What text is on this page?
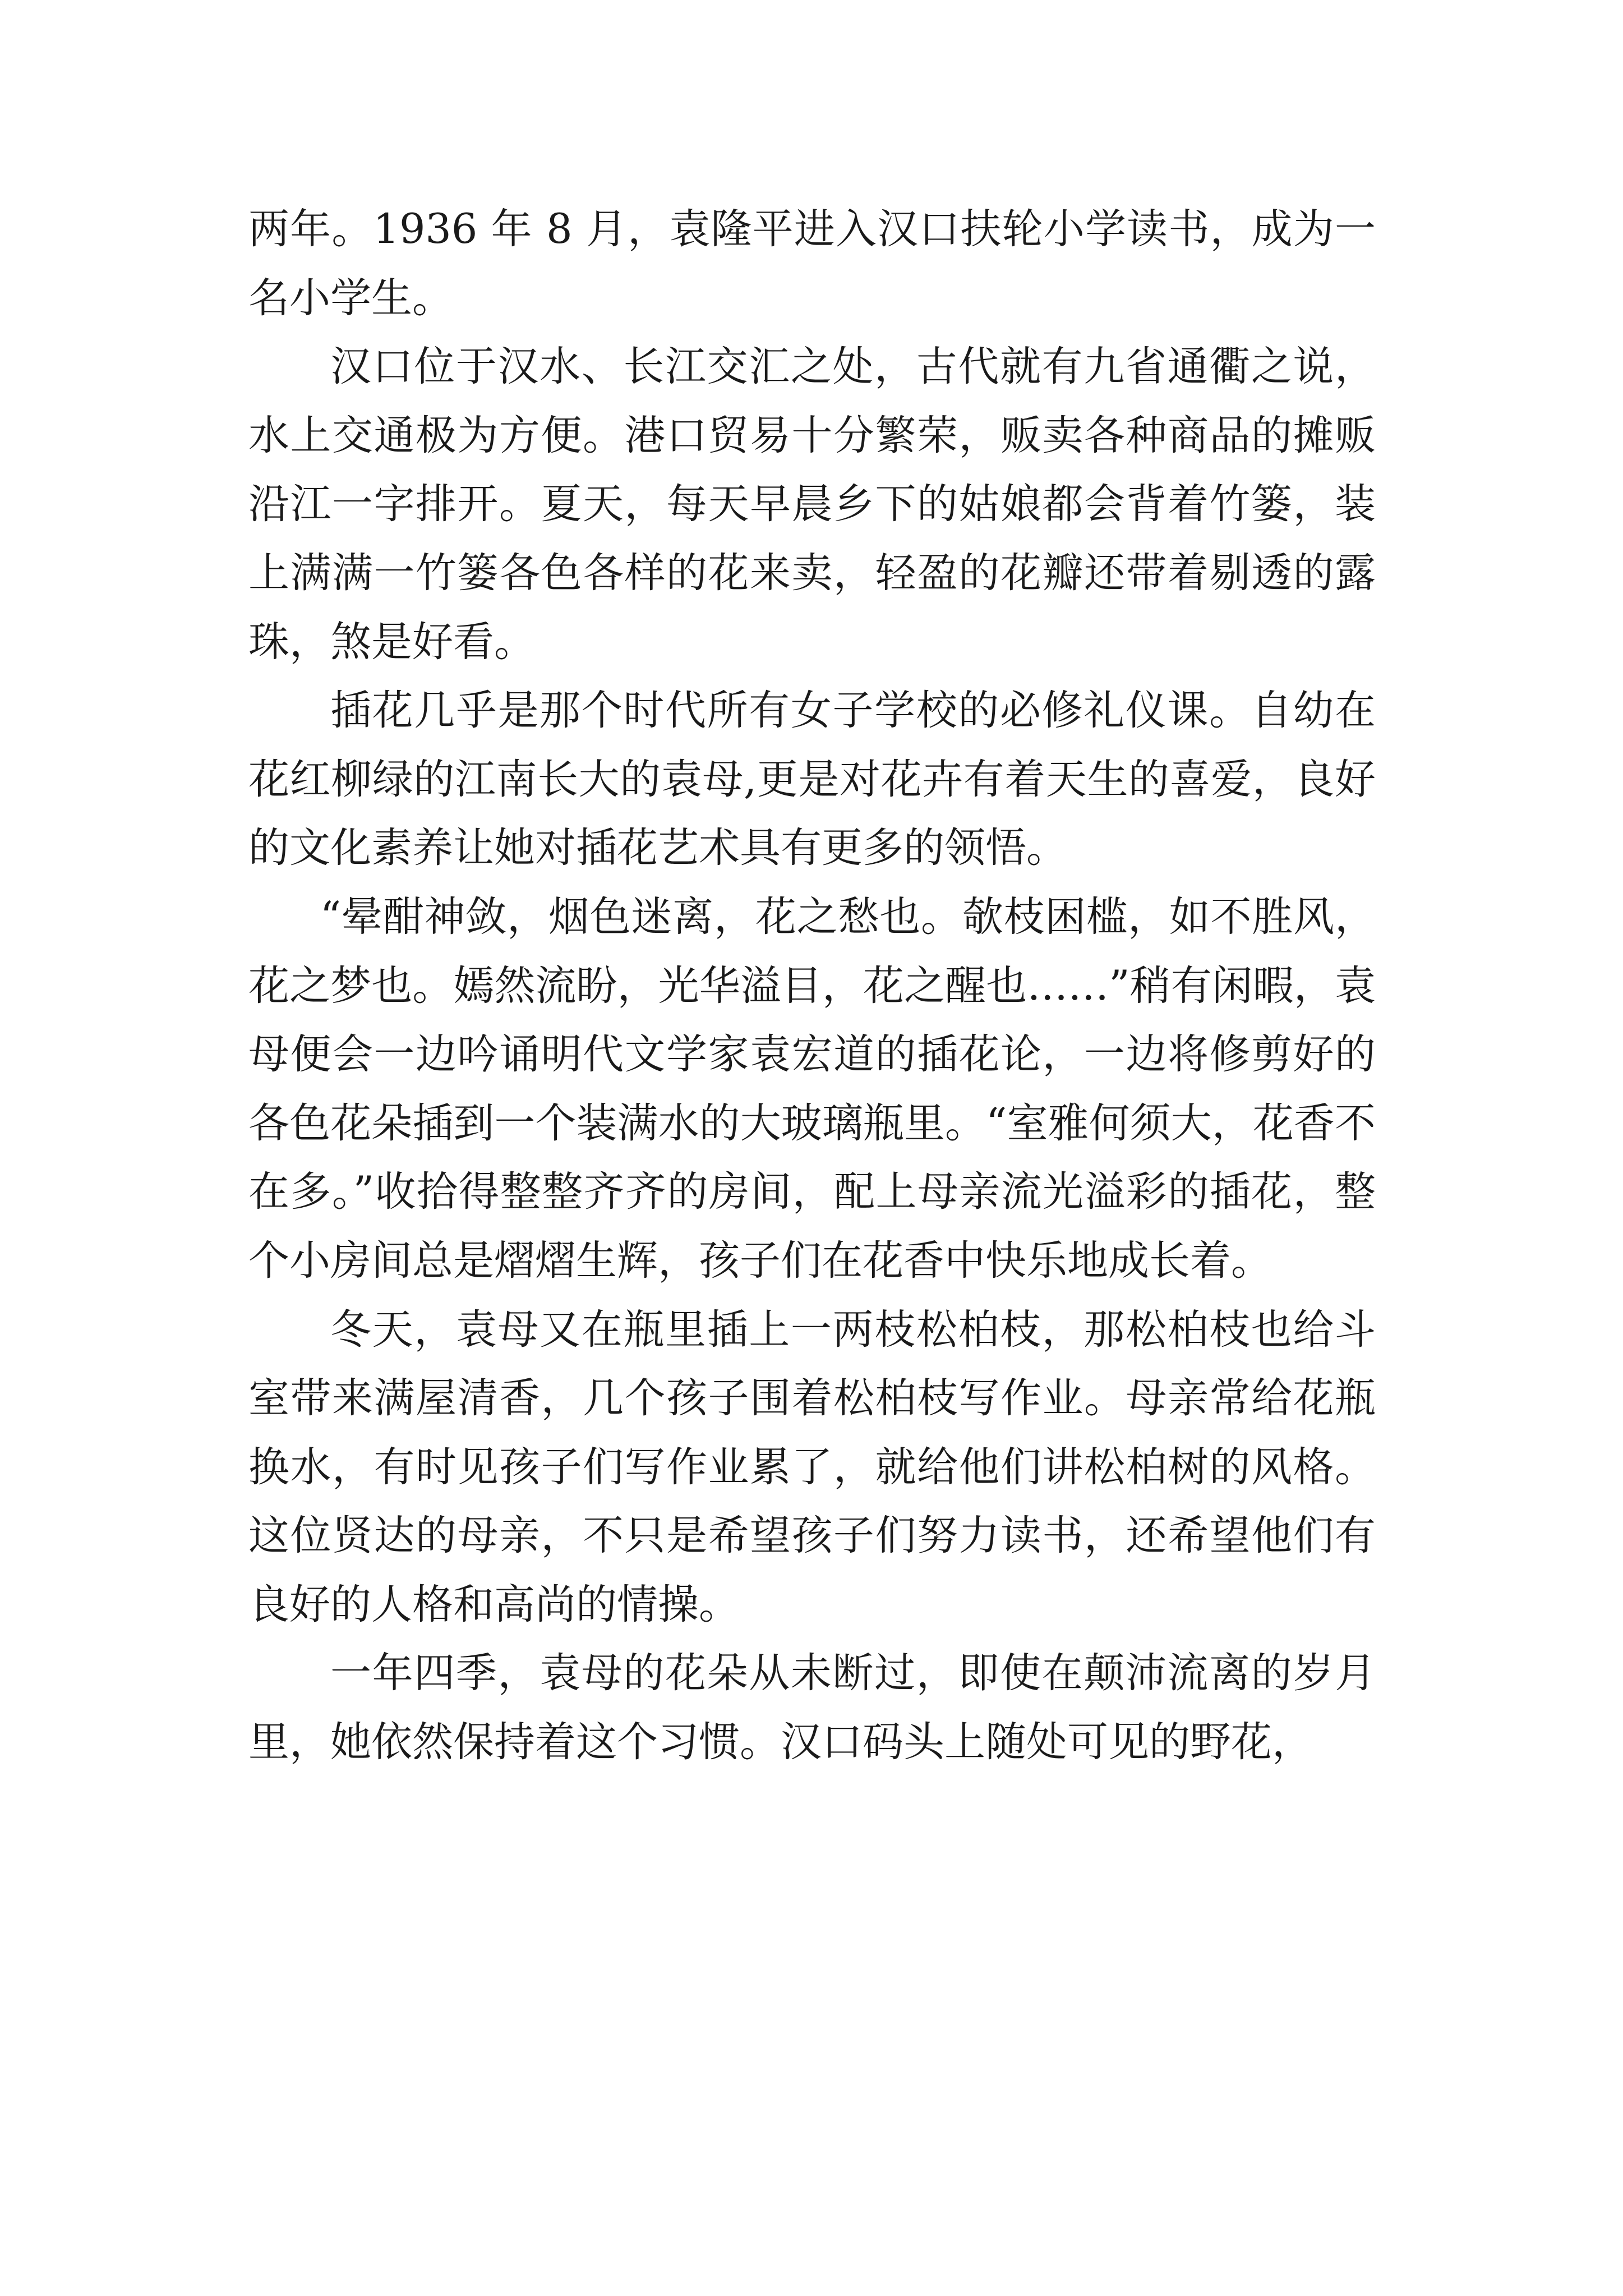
两年。1936 年 8 月，袁隆平进入汉口扶轮小学读书，成为一名小学生。

汉口位于汉水、长江交汇之处，古代就有九省通衢之说，水上交通极为方便。港口贸易十分繁荣，贩卖各种商品的摊贩沿江一字排开。夏天，每天早晨乡下的姑娘都会背着竹篓，装上满满一竹篓各色各样的花来卖，轻盈的花瓣还带着剔透的露珠，煞是好看。

插花几乎是那个时代所有女子学校的必修礼仪课。自幼在花红柳绿的江南长大的袁母,更是对花卉有着天生的喜爱，良好的文化素养让她对插花艺术具有更多的领悟。

“晕酣神敛，烟色迷离，花之愁也。欹枝困槛，如不胜风，花之梦也。嫣然流盼，光华溢目，花之醒也……”稍有闲暇，袁母便会一边吟诵明代文学家袁宏道的插花论，一边将修剪好的各色花朵插到一个装满水的大玻璃瓶里。“室雅何须大，花香不在多。”收拾得整整齐齐的房间，配上母亲流光溢彩的插花，整个小房间总是熠熠生辉，孩子们在花香中快乐地成长着。

冬天，袁母又在瓶里插上一两枝松柏枝，那松柏枝也给斗室带来满屋清香，几个孩子围着松柏枝写作业。母亲常给花瓶换水，有时见孩子们写作业累了，就给他们讲松柏树的风格。这位贤达的母亲，不只是希望孩子们努力读书，还希望他们有良好的人格和高尚的情操。

一年四季，袁母的花朵从未断过，即使在颠沛流离的岁月里，她依然保持着这个习惯。汉口码头上随处可见的野花，
